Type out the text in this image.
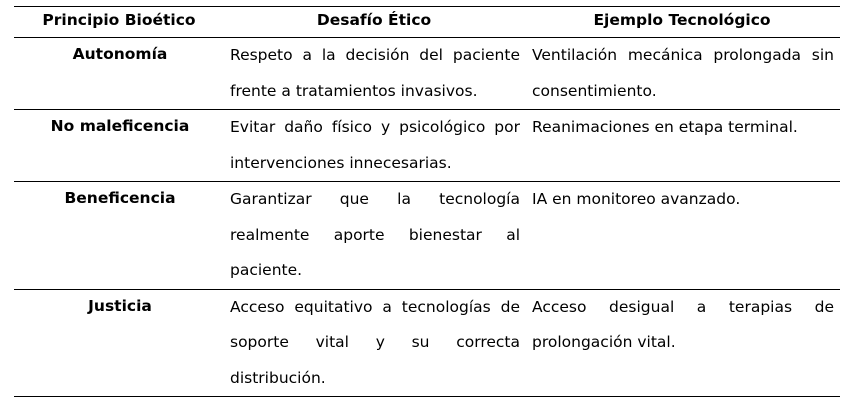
Principio Bioético	Desafío Ético	Ejemplo Tecnológico
Autonomía	Respeto a la decisión del paciente frente a tratamientos invasivos.	Ventilación mecánica prolongada sin consentimiento.
No maleficencia	Evitar daño físico y psicológico por intervenciones innecesarias.	Reanimaciones en etapa terminal.
Beneficencia	Garantizar que la tecnología realmente aporte bienestar al paciente.	IA en monitoreo avanzado.
Justicia	Acceso equitativo a tecnologías de soporte vital y su correcta distribución.	Acceso desigual a terapias de prolongación vital.
